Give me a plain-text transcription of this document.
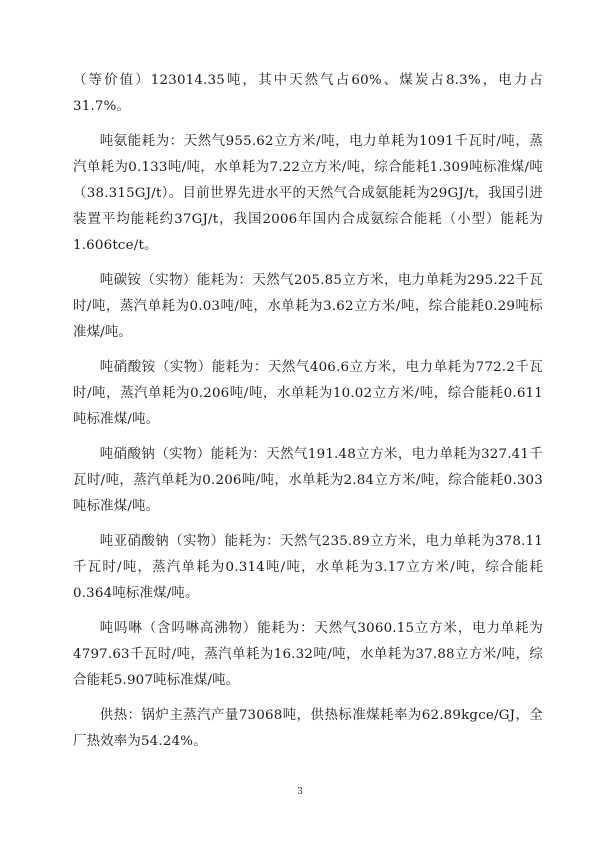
（等价值）123014.35吨，其中天然气占60%、煤炭占8.3%，电力占31.7%。

吨氨能耗为：天然气955.62立方米/吨，电力单耗为1091千瓦时/吨，蒸汽单耗为0.133吨/吨，水单耗为7.22立方米/吨，综合能耗1.309吨标准煤/吨（38.315GJ/t）。目前世界先进水平的天然气合成氨能耗为29GJ/t，我国引进装置平均能耗约37GJ/t，我国2006年国内合成氨综合能耗（小型）能耗为1.606tce/t。

吨碳铵（实物）能耗为：天然气205.85立方米，电力单耗为295.22千瓦时/吨，蒸汽单耗为0.03吨/吨，水单耗为3.62立方米/吨，综合能耗0.29吨标准煤/吨。

吨硝酸铵（实物）能耗为：天然气406.6立方米，电力单耗为772.2千瓦时/吨，蒸汽单耗为0.206吨/吨，水单耗为10.02立方米/吨，综合能耗0.611吨标准煤/吨。

吨硝酸钠（实物）能耗为：天然气191.48立方米，电力单耗为327.41千瓦时/吨，蒸汽单耗为0.206吨/吨，水单耗为2.84立方米/吨，综合能耗0.303吨标准煤/吨。

吨亚硝酸钠（实物）能耗为：天然气235.89立方米，电力单耗为378.11千瓦时/吨，蒸汽单耗为0.314吨/吨，水单耗为3.17立方米/吨，综合能耗0.364吨标准煤/吨。

吨吗啉（含吗啉高沸物）能耗为：天然气3060.15立方米，电力单耗为4797.63千瓦时/吨，蒸汽单耗为16.32吨/吨，水单耗为37.88立方米/吨，综合能耗5.907吨标准煤/吨。

供热：锅炉主蒸汽产量73068吨，供热标准煤耗率为62.89kgce/GJ，全厂热效率为54.24%。

3
